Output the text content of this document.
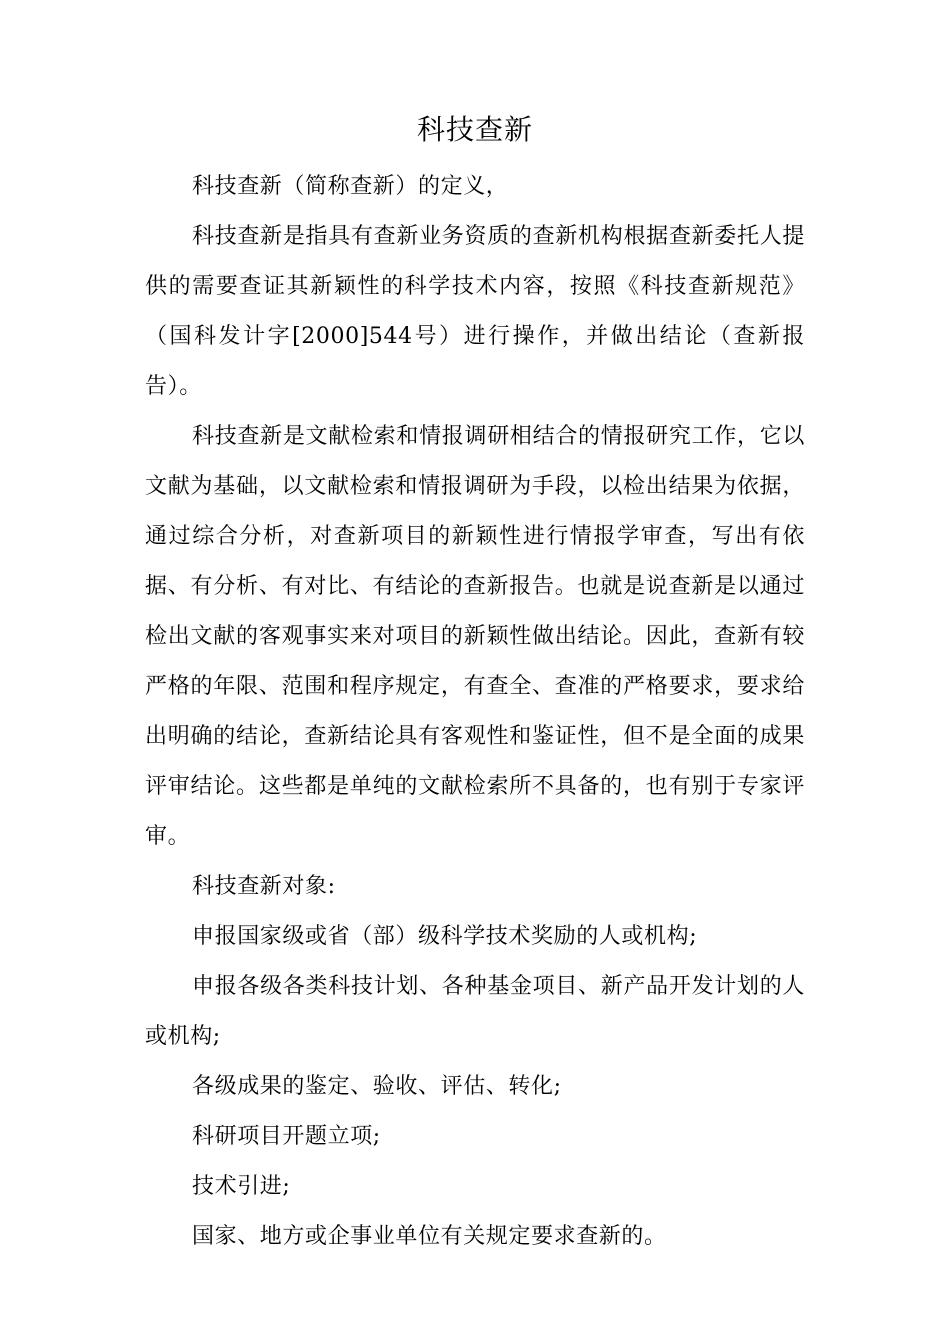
科技查新

科技查新（简称查新）的定义，

科技查新是指具有查新业务资质的查新机构根据查新委托人提供的需要查证其新颖性的科学技术内容，按照《科技查新规范》（国科发计字[2000]544号）进行操作，并做出结论（查新报告）。

科技查新是文献检索和情报调研相结合的情报研究工作，它以文献为基础，以文献检索和情报调研为手段，以检出结果为依据，通过综合分析，对查新项目的新颖性进行情报学审查，写出有依据、有分析、有对比、有结论的查新报告。也就是说查新是以通过检出文献的客观事实来对项目的新颖性做出结论。因此，查新有较严格的年限、范围和程序规定，有查全、查准的严格要求，要求给出明确的结论，查新结论具有客观性和鉴证性，但不是全面的成果评审结论。这些都是单纯的文献检索所不具备的，也有别于专家评审。

科技查新对象:

申报国家级或省（部）级科学技术奖励的人或机构;

申报各级各类科技计划、各种基金项目、新产品开发计划的人或机构;

各级成果的鉴定、验收、评估、转化;

科研项目开题立项;

技术引进;

国家、地方或企事业单位有关规定要求查新的。
